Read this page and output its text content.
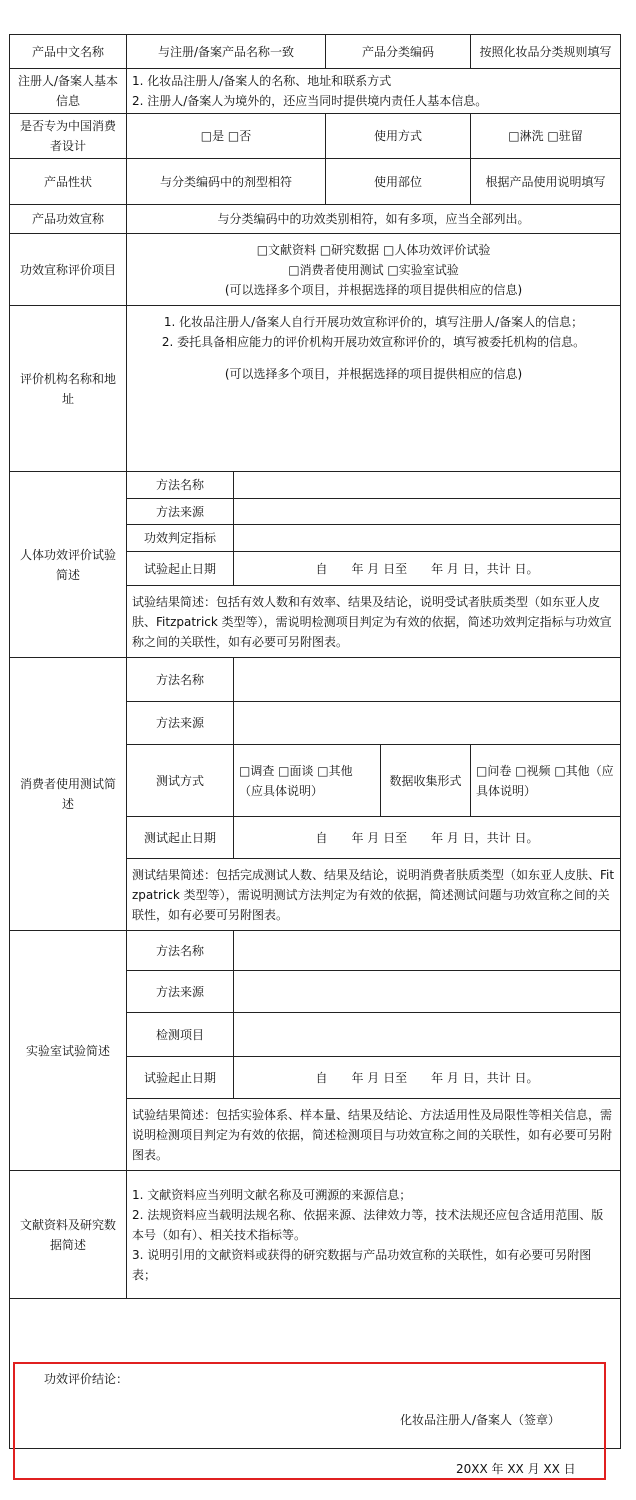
产品中文名称	与注册/备案产品名称一致		产品分类编码		按照化妆品分类规则填写
注册人/备案人基本信息	1. 化妆品注册人/备案人的名称、地址和联系方式
2. 注册人/备案人为境外的，还应当同时提供境内责任人基本信息。				

是否专为中国消费者设计	□是 □否		使用方式		□淋洗 □驻留
产品性状	与分类编码中的剂型相符		使用部位		根据产品使用说明填写
产品功效宣称	与分类编码中的功效类别相符，如有多项，应当全部列出。				
功效宣称评价项目	□文献资料 □研究数据 □人体功效评价试验
□消费者使用测试 □实验室试验
(可以选择多个项目，并根据选择的项目提供相应的信息)				

评价机构名称和地址	1. 化妆品注册人/备案人自行开展功效宣称评价的，填写注册人/备案人的信息；
2. 委托具备相应能力的评价机构开展功效宣称评价的，填写被委托机构的信息。
(可以选择多个项目，并根据选择的项目提供相应的信息)				

人体功效评价试验简述	方法名称				
	方法来源				
	功效判定指标				
	试验起止日期	自　　年 月 日至　　年 月 日，共计 日。			
	试验结果简述：包括有效人数和有效率、结果及结论，说明受试者肤质类型（如东亚人皮肤、Fitzpatrick 类型等），需说明检测项目判定为有效的依据，简述功效判定指标与功效宣称之间的关联性，如有必要可另附图表。				
消费者使用测试简述	方法名称				
	方法来源				
	测试方式	□调查 □面谈 □其他（应具体说明）		数据收集形式	□问卷 □视频 □其他（应具体说明）
	测试起止日期	自　　年 月 日至　　年 月 日，共计 日。			
	测试结果简述：包括完成测试人数、结果及结论，说明消费者肤质类型（如东亚人皮肤、Fitzpatrick 类型等），需说明测试方法判定为有效的依据，简述测试问题与功效宣称之间的关联性，如有必要可另附图表。				
实验室试验简述	方法名称				
	方法来源				
	检测项目				
	试验起止日期	自　　年 月 日至　　年 月 日，共计 日。			
	试验结果简述：包括实验体系、样本量、结果及结论、方法适用性及局限性等相关信息，需说明检测项目判定为有效的依据，简述检测项目与功效宣称之间的关联性，如有必要可另附图表。				
文献资料及研究数据简述	1. 文献资料应当列明文献名称及可溯源的来源信息；
2. 法规资料应当载明法规名称、依据来源、法律效力等，技术法规还应包含适用范围、版本号（如有）、相关技术指标等。
3. 说明引用的文献资料或获得的研究数据与产品功效宣称的关联性，如有必要可另附图表；				

功效评价结论：
化妆品注册人/备案人（签章）
20XX 年 XX 月 XX 日
